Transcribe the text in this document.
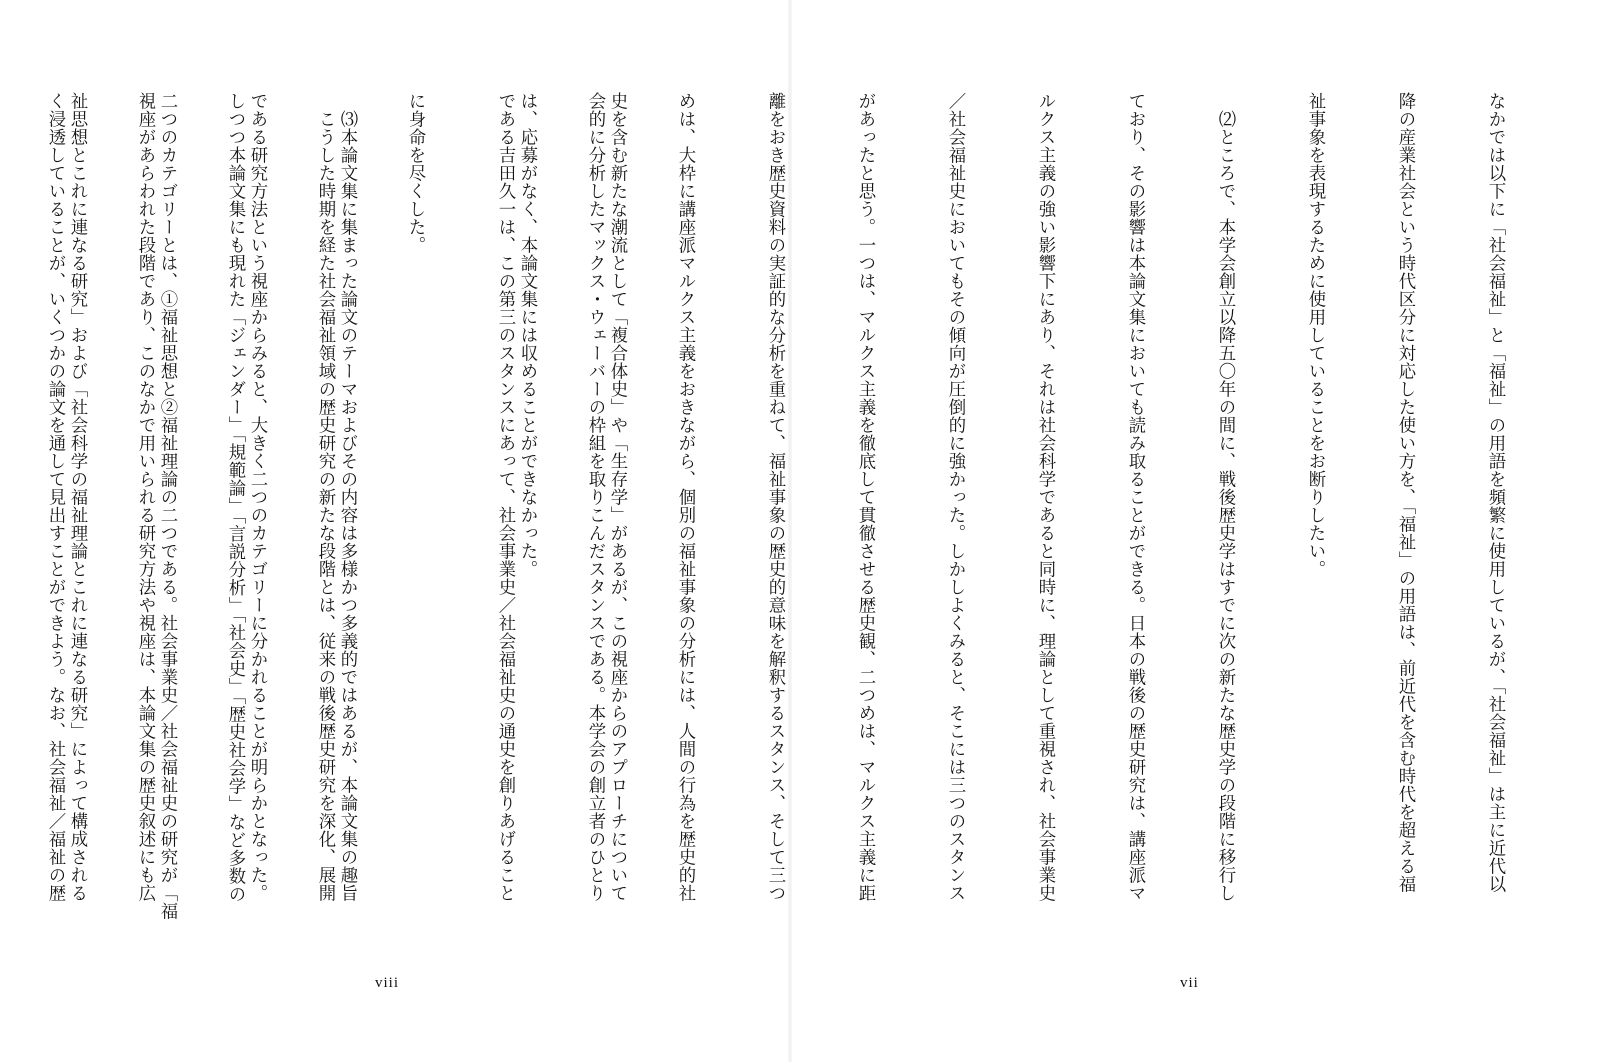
史を含む新たな潮流として「複合体史」や「生存学」があるが、この視座からのアプローチについて

は、応募がなく、本論文集には収めることができなかった。

　⑶本論文集に集まった論文のテーマおよびその内容は多様かつ多義的ではあるが、本論文集の趣旨

である研究方法という視座からみると、大きく二つのカテゴリーに分かれることが明らかとなった。

二つのカテゴリーとは、①福祉思想と②福祉理論の二つである。社会事業史／社会福祉史の研究が「福

祉思想とこれに連なる研究」および「社会科学の福祉理論とこれに連なる研究」によって構成される

viii

なかでは以下に「社会福祉」と「福祉」の用語を頻繁に使用しているが、「社会福祉」は主に近代以

降の産業社会という時代区分に対応した使い方を、「福祉」の用語は、前近代を含む時代を超える福

祉事象を表現するために使用していることをお断りしたい。

　⑵ところで、本学会創立以降五〇年の間に、戦後歴史学はすでに次の新たな歴史学の段階に移行し

ており、その影響は本論文集においても読み取ることができる。日本の戦後の歴史研究は、講座派マ

ルクス主義の強い影響下にあり、それは社会科学であると同時に、理論として重視され、社会事業史

／社会福祉史においてもその傾向が圧倒的に強かった。しかしよくみると、そこには三つのスタンス

があったと思う。一つは、マルクス主義を徹底して貫徹させる歴史観、二つめは、マルクス主義に距

離をおき歴史資料の実証的な分析を重ねて、福祉事象の歴史的意味を解釈するスタンス、そして三つ

めは、大枠に講座派マルクス主義をおきながら、個別の福祉事象の分析には、人間の行為を歴史的社

会的に分析したマックス・ウェーバーの枠組を取りこんだスタンスである。本学会の創立者のひとり

である吉田久一は、この第三のスタンスにあって、社会事業史／社会福祉史の通史を創りあげること

に身命を尽くした。

　こうした時期を経た社会福祉領域の歴史研究の新たな段階とは、従来の戦後歴史研究を深化、展開

しつつ本論文集にも現れた「ジェンダー」「規範論」「言説分析」「社会史」「歴史社会学」など多数の

視座があらわれた段階であり、このなかで用いられる研究方法や視座は、本論文集の歴史叙述にも広

く浸透していることが、いくつかの論文を通して見出すことができよう。なお、社会福祉／福祉の歴

vii
